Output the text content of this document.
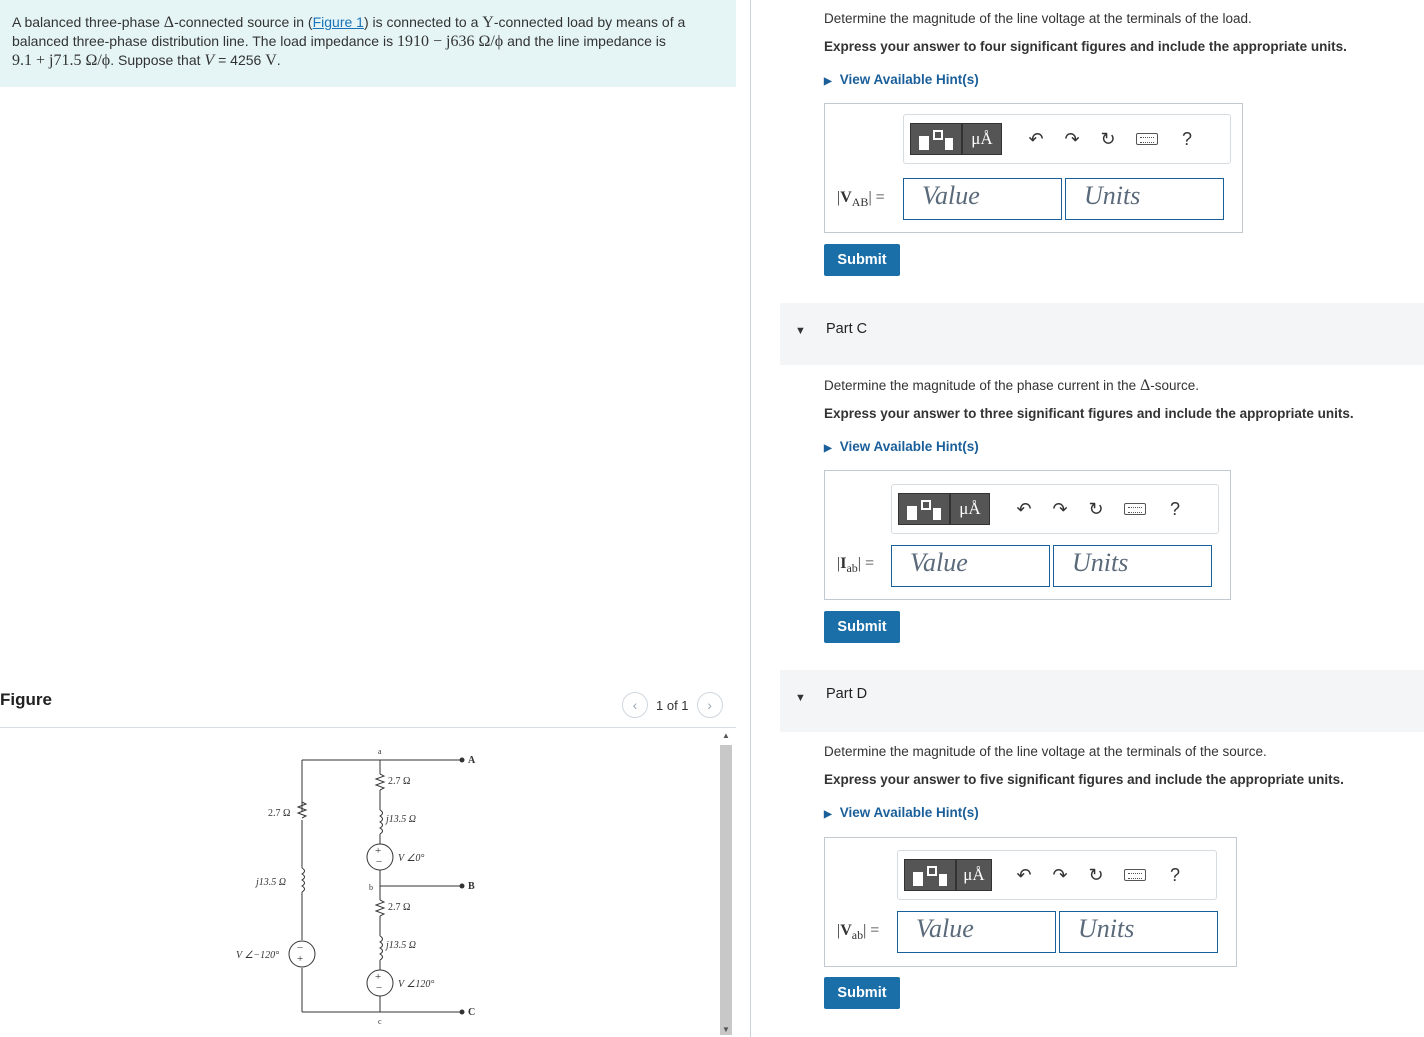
A balanced three-phase Δ-connected source in (Figure 1) is connected to a Y-connected load by means of a
balanced three-phase distribution line. The load impedance is 1910 − j636 Ω/ϕ and the line impedance is
9.1 + j71.5 Ω/ϕ. Suppose that V = 4256 V.
Figure	‹	1 of 1	›
2.7 Ω
j13.5 Ω
−
+
V ∠−120°
a
2.7 Ω
j13.5 Ω
+
− V ∠0°
b
2.7 Ω
j13.5 Ω
+
− V ∠120°
c
A
B
C
▲
▼
Determine the magnitude of the line voltage at the terminals of the load.
Express your answer to four significant figures and include the appropriate units.
▶ View Available Hint(s)
μÅ	↶	↷	↻	?
$|V_{AB}|$ =
Value
Units
Submit
▼ Part C
Determine the magnitude of the phase current in the Δ-source.
Express your answer to three significant figures and include the appropriate units.
▶ View Available Hint(s)
μÅ	↶	↷	↻	?
$|I_{ab}|$ =
Value
Units
Submit
▼ Part D
Determine the magnitude of the line voltage at the terminals of the source.
Express your answer to five significant figures and include the appropriate units.
▶ View Available Hint(s)
μÅ	↶	↷	↻	?
$|V_{ab}|$ =
Value
Units
Submit
